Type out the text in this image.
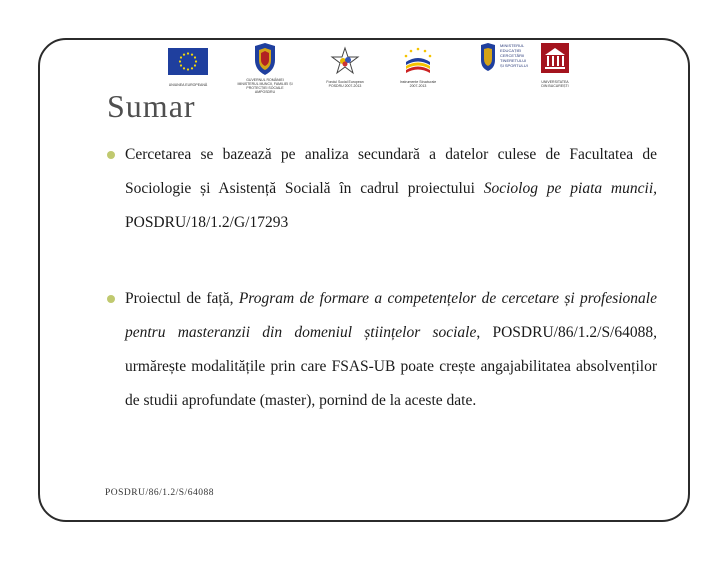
UNIUNEA EUROPEANĂ
GUVERNUL ROMÂNIEI
MINISTERUL MUNCII, FAMILIEI ȘI
PROTECȚIEI SOCIALE
AMPOSDRU
Fondul Social European
POSDRU 2007-2013
Instrumente Structurale
2007-2013
MINISTERUL
EDUCAȚIEI
CERCETĂRII
TINERETULUI
ȘI SPORTULUI
UNIVERSITATEA
DIN BUCUREȘTI
Sumar
Cercetarea se bazează pe analiza secundară a datelor culese de Facultatea de Sociologie și Asistență Socială în cadrul proiectului Sociolog pe piata muncii, POSDRU/18/1.2/G/17293
Proiectul de față, Program de formare a competențelor de cercetare și profesionale pentru masteranzii din domeniul științelor sociale, POSDRU/86/1.2/S/64088, urmărește modalitățile prin care FSAS-UB poate crește angajabilitatea absolvenților de studii aprofundate (master), pornind de la aceste date.
POSDRU/86/1.2/S/64088
